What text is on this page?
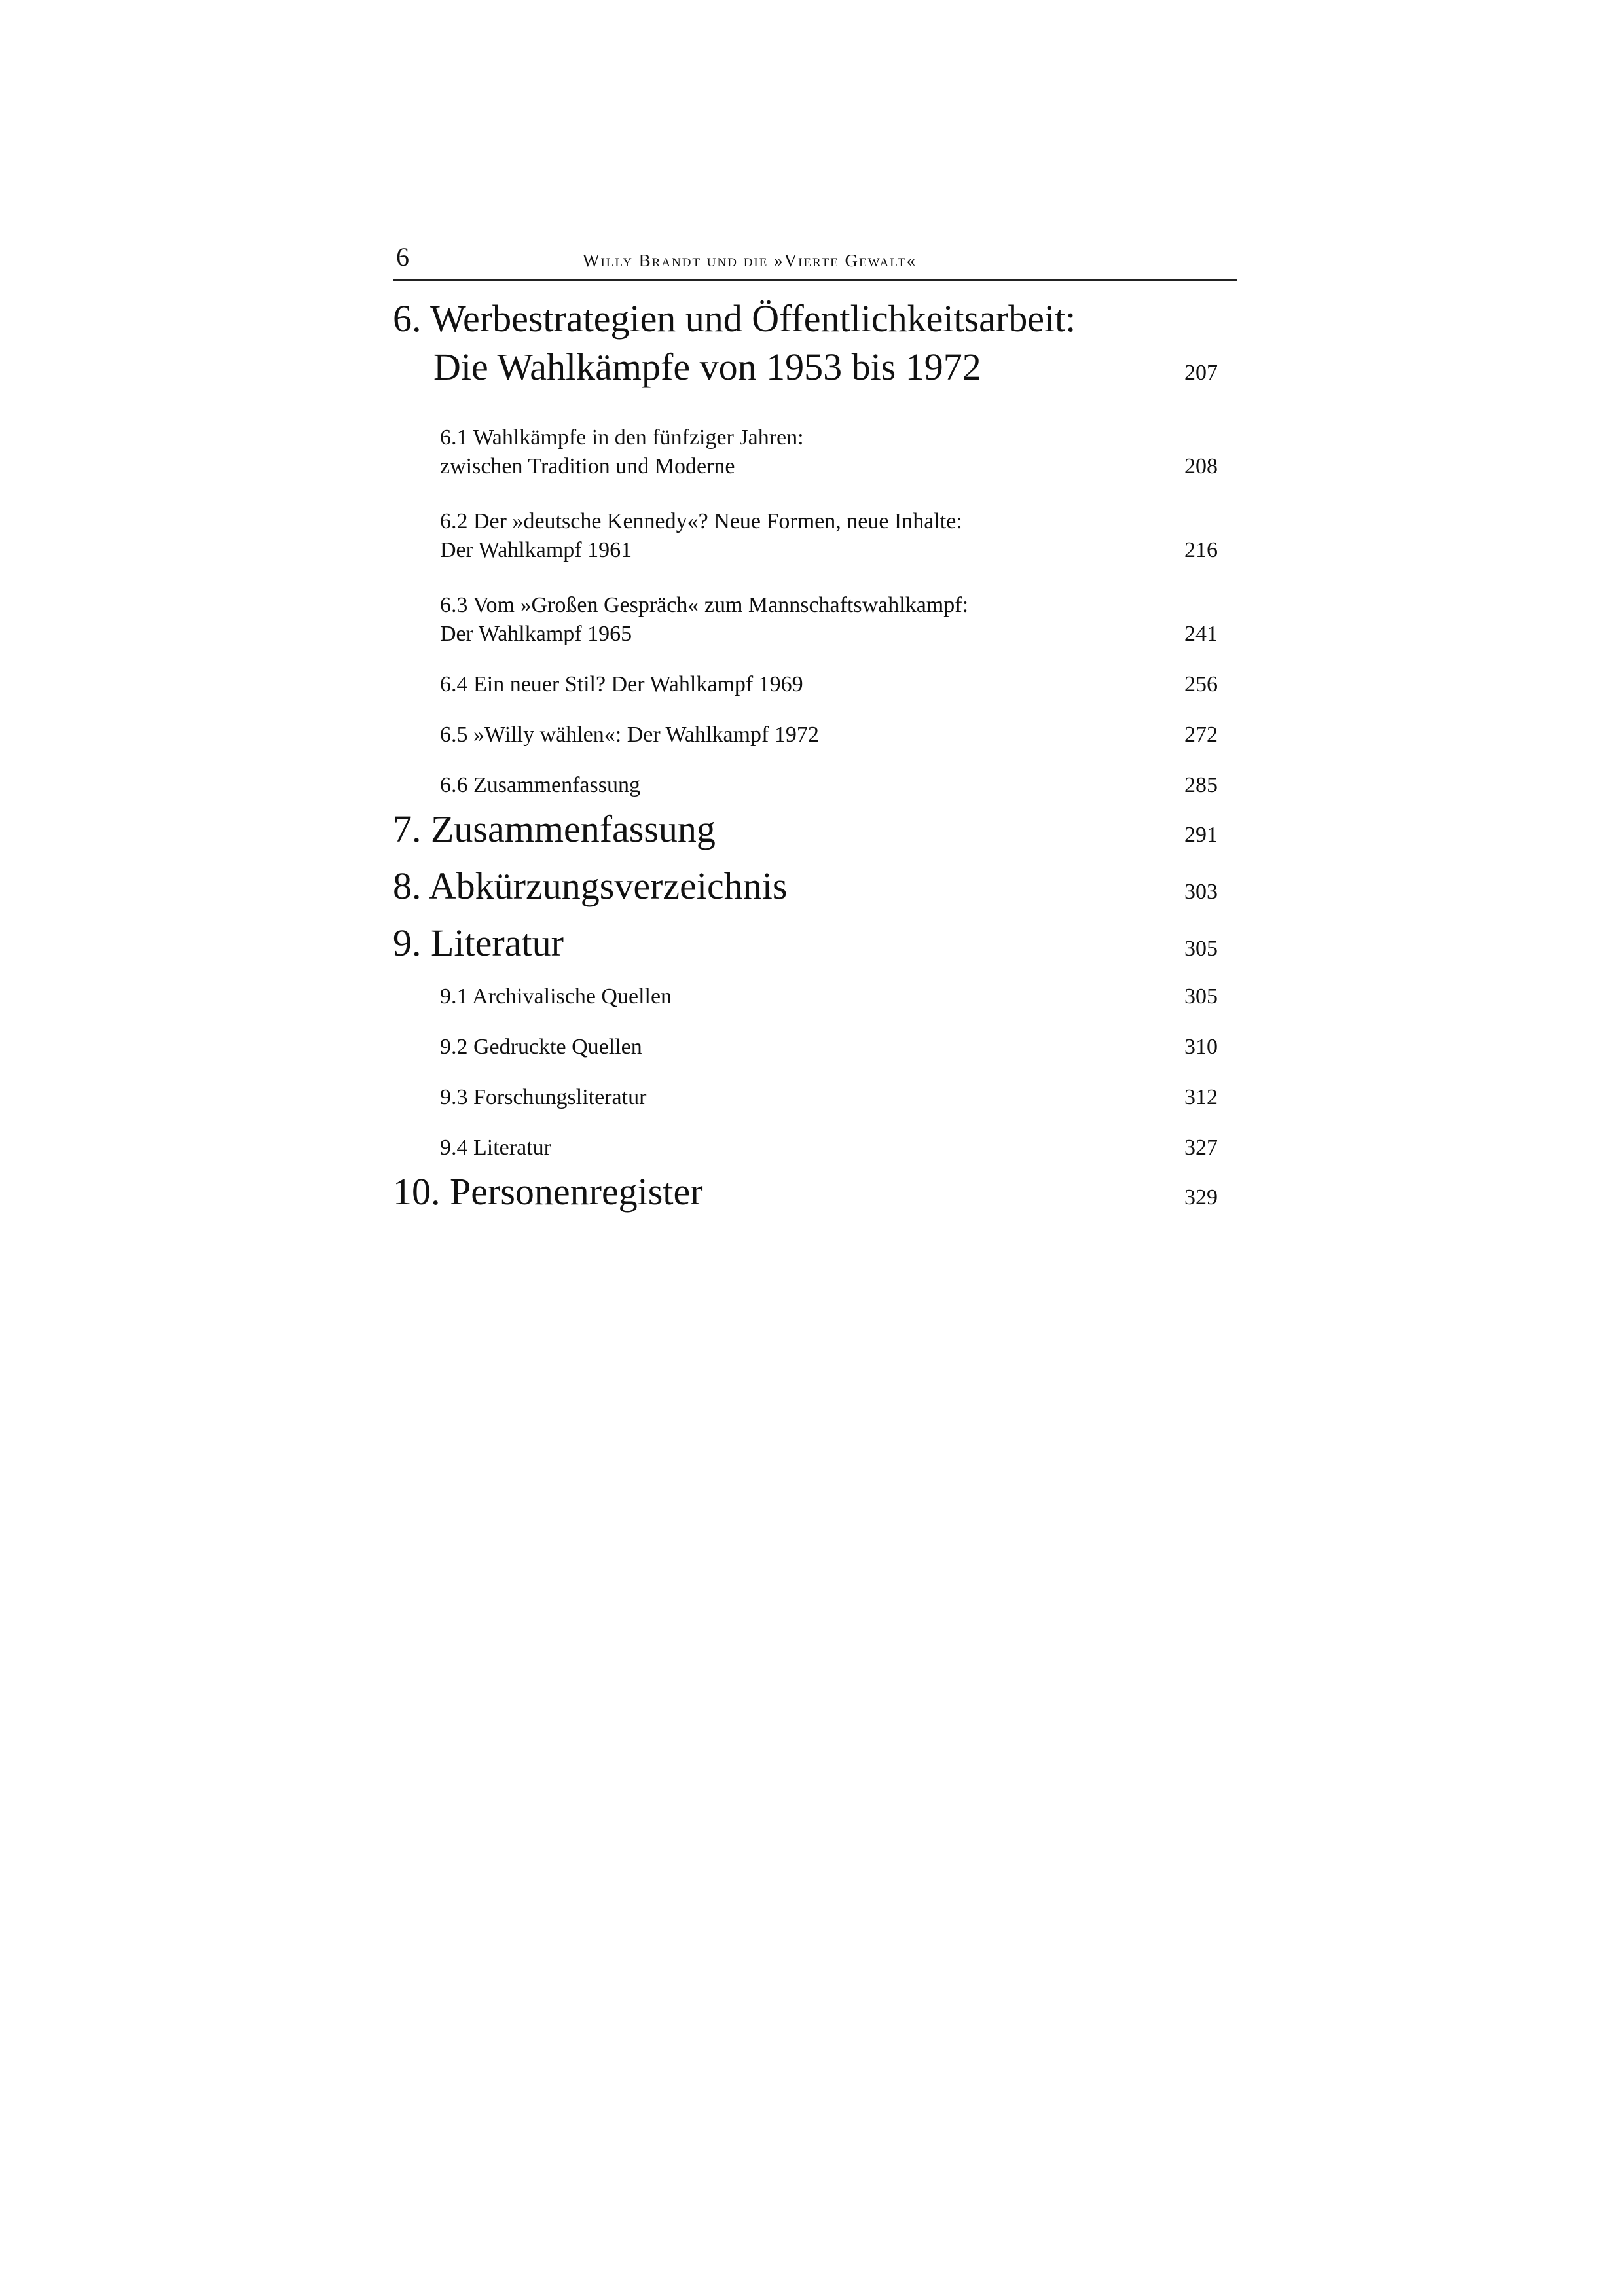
6	Willy Brandt und die »Vierte Gewalt«
6. Werbestrategien und Öffentlichkeitsarbeit:
Die Wahlkämpfe von 1953 bis 1972 .....	207
6.1 Wahlkämpfe in den fünfziger Jahren:
zwischen Tradition und Moderne .....	208
6.2 Der »deutsche Kennedy«? Neue Formen, neue Inhalte:
Der Wahlkampf 1961 .....	216
6.3 Vom »Großen Gespräch« zum Mannschaftswahlkampf:
Der Wahlkampf 1965 .....	241
6.4 Ein neuer Stil? Der Wahlkampf 1969 .....	256
6.5 »Willy wählen«: Der Wahlkampf 1972 .....	272
6.6 Zusammenfassung .....	285
7. Zusammenfassung .....	291
8. Abkürzungsverzeichnis .....	303
9. Literatur .....	305
9.1 Archivalische Quellen .....	305
9.2 Gedruckte Quellen .....	310
9.3 Forschungsliteratur .....	312
9.4 Literatur .....	327
10. Personenregister .....	329
